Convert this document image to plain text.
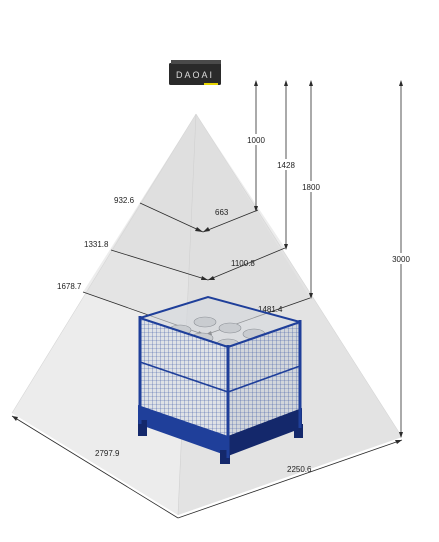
DAOAI
1000
1428
1800
3000
932.6
663
1331.8
1100.8
1678.7
1481.4
2797.9
2250.6
